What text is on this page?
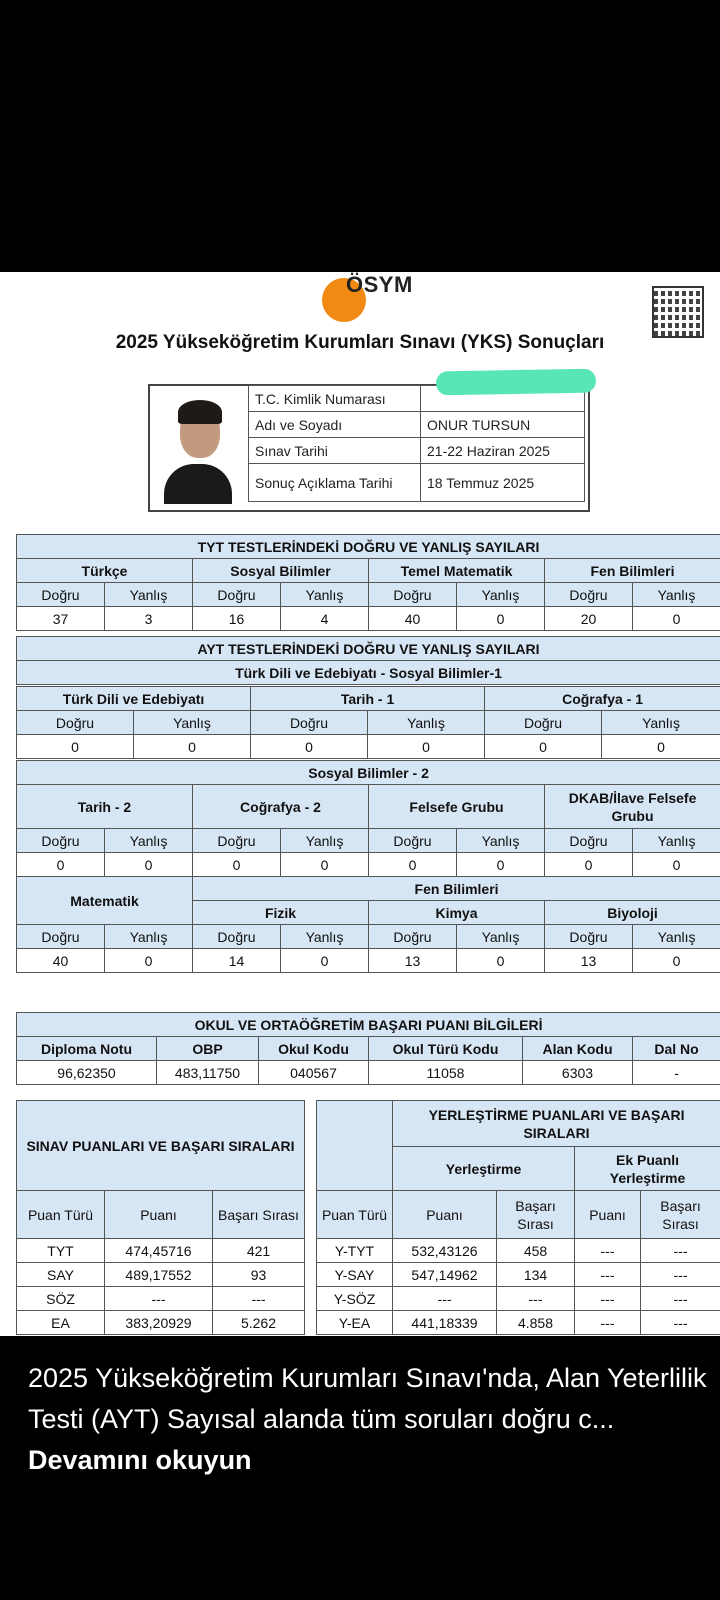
ÖSYM
2025 Yükseköğretim Kurumları Sınavı (YKS) Sonuçları
T.C. Kimlik Numarası	
Adı ve Soyadı	ONUR TURSUN
Sınav Tarihi	21-22 Haziran 2025
Sonuç Açıklama Tarihi	18 Temmuz 2025
TYT TESTLERİNDEKİ DOĞRU VE YANLIŞ SAYILARI							
Türkçe		Sosyal Bilimler		Temel Matematik		Fen Bilimleri	
Doğru	Yanlış	Doğru	Yanlış	Doğru	Yanlış	Doğru	Yanlış
37	3	16	4	40	0	20	0
AYT TESTLERİNDEKİ DOĞRU VE YANLIŞ SAYILARI
Türk Dili ve Edebiyatı - Sosyal Bilimler-1
Türk Dili ve Edebiyatı		Tarih - 1		Coğrafya - 1	
Doğru	Yanlış	Doğru	Yanlış	Doğru	Yanlış
0	0	0	0	0	0
Sosyal Bilimler - 2							
Tarih - 2		Coğrafya - 2		Felsefe Grubu		DKAB/İlave Felsefe Grubu	
Doğru	Yanlış	Doğru	Yanlış	Doğru	Yanlış	Doğru	Yanlış
0	0	0	0	0	0	0	0
Matematik		Fen Bilimleri					
		Fizik		Kimya		Biyoloji	
Doğru	Yanlış	Doğru	Yanlış	Doğru	Yanlış	Doğru	Yanlış
40	0	14	0	13	0	13	0
OKUL VE ORTAÖĞRETİM BAŞARI PUANI BİLGİLERİ					
Diploma Notu	OBP	Okul Kodu	Okul Türü Kodu	Alan Kodu	Dal No
96,62350	483,11750	040567	11058	6303	-
SINAV PUANLARI VE BAŞARI SIRALARI		
Puan Türü	Puanı	Başarı Sırası
TYT	474,45716	421
SAY	489,17552	93
SÖZ	---	---
EA	383,20929	5.262
	YERLEŞTİRME PUANLARI VE BAŞARI SIRALARI			
	Yerleştirme		Ek Puanlı Yerleştirme	
Puan Türü	Puanı	Başarı Sırası	Puanı	Başarı Sırası
Y-TYT	532,43126	458	---	---
Y-SAY	547,14962	134	---	---
Y-SÖZ	---	---	---	---
Y-EA	441,18339	4.858	---	---
2025 Yükseköğretim Kurumları Sınavı'nda, Alan Yeterlilik Testi (AYT) Sayısal alanda tüm soruları doğru c... Devamını okuyun
